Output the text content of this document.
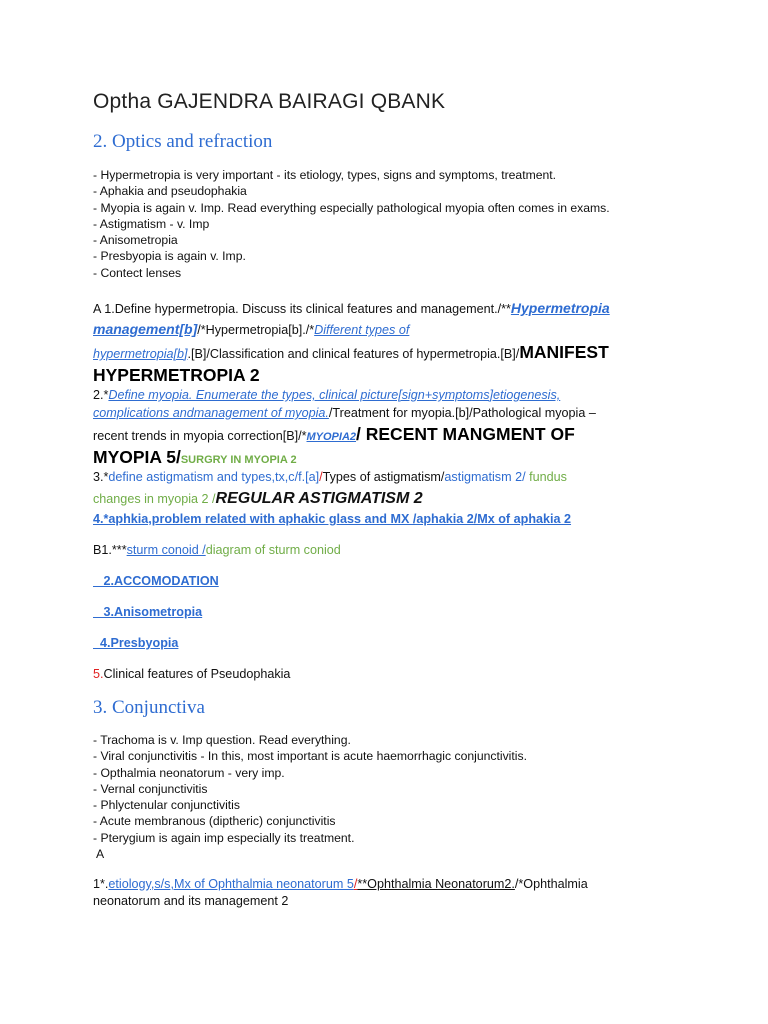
Optha GAJENDRA BAIRAGI QBANK
2. Optics and refraction
- Hypermetropia is very important - its etiology, types, signs and symptoms, treatment.
- Aphakia and pseudophakia
- Myopia is again v. Imp. Read everything especially pathological myopia often comes in exams.
- Astigmatism - v. Imp
- Anisometropia
- Presbyopia is again v. Imp.
- Contect lenses
A 1.Define hypermetropia. Discuss its clinical features and management./**Hypermetropia
management[b]/*Hypermetropia[b]./*Different types of
hypermetropia[b].[B]/Classification and clinical features of hypermetropia.[B]/MANIFEST
HYPERMETROPIA 2
2.*Define myopia. Enumerate the types, clinical picture[sign+symptoms]etiogenesis,
complications andmanagement of myopia./Treatment for myopia.[b]/Pathological myopia –
recent trends in myopia correction[B]/*MYOPIA2/ RECENT MANGMENT OF
MYOPIA 5/SURGRY IN MYOPIA 2
3.*define astigmatism and types,tx,c/f.[a]/Types of astigmatism/astigmatism 2/ fundus
changes in myopia 2 /REGULAR ASTIGMATISM 2
4.*aphkia,problem related with aphakic glass and MX /aphakia 2/Mx of aphakia 2
B1.***sturm conoid /diagram of sturm coniod
2.ACCOMODATION
3.Anisometropia
4.Presbyopia
5.Clinical features of Pseudophakia
3. Conjunctiva
- Trachoma is v. Imp question. Read everything.
- Viral conjunctivitis - In this, most important is acute haemorrhagic conjunctivitis.
- Opthalmia neonatorum - very imp.
- Vernal conjunctivitis
- Phlyctenular conjunctivitis
- Acute membranous (diptheric) conjunctivitis
- Pterygium is again imp especially its treatment.
A
1*.etiology,s/s,Mx of Ophthalmia neonatorum 5/**Ophthalmia Neonatorum2./*Ophthalmia
neonatorum and its management 2
